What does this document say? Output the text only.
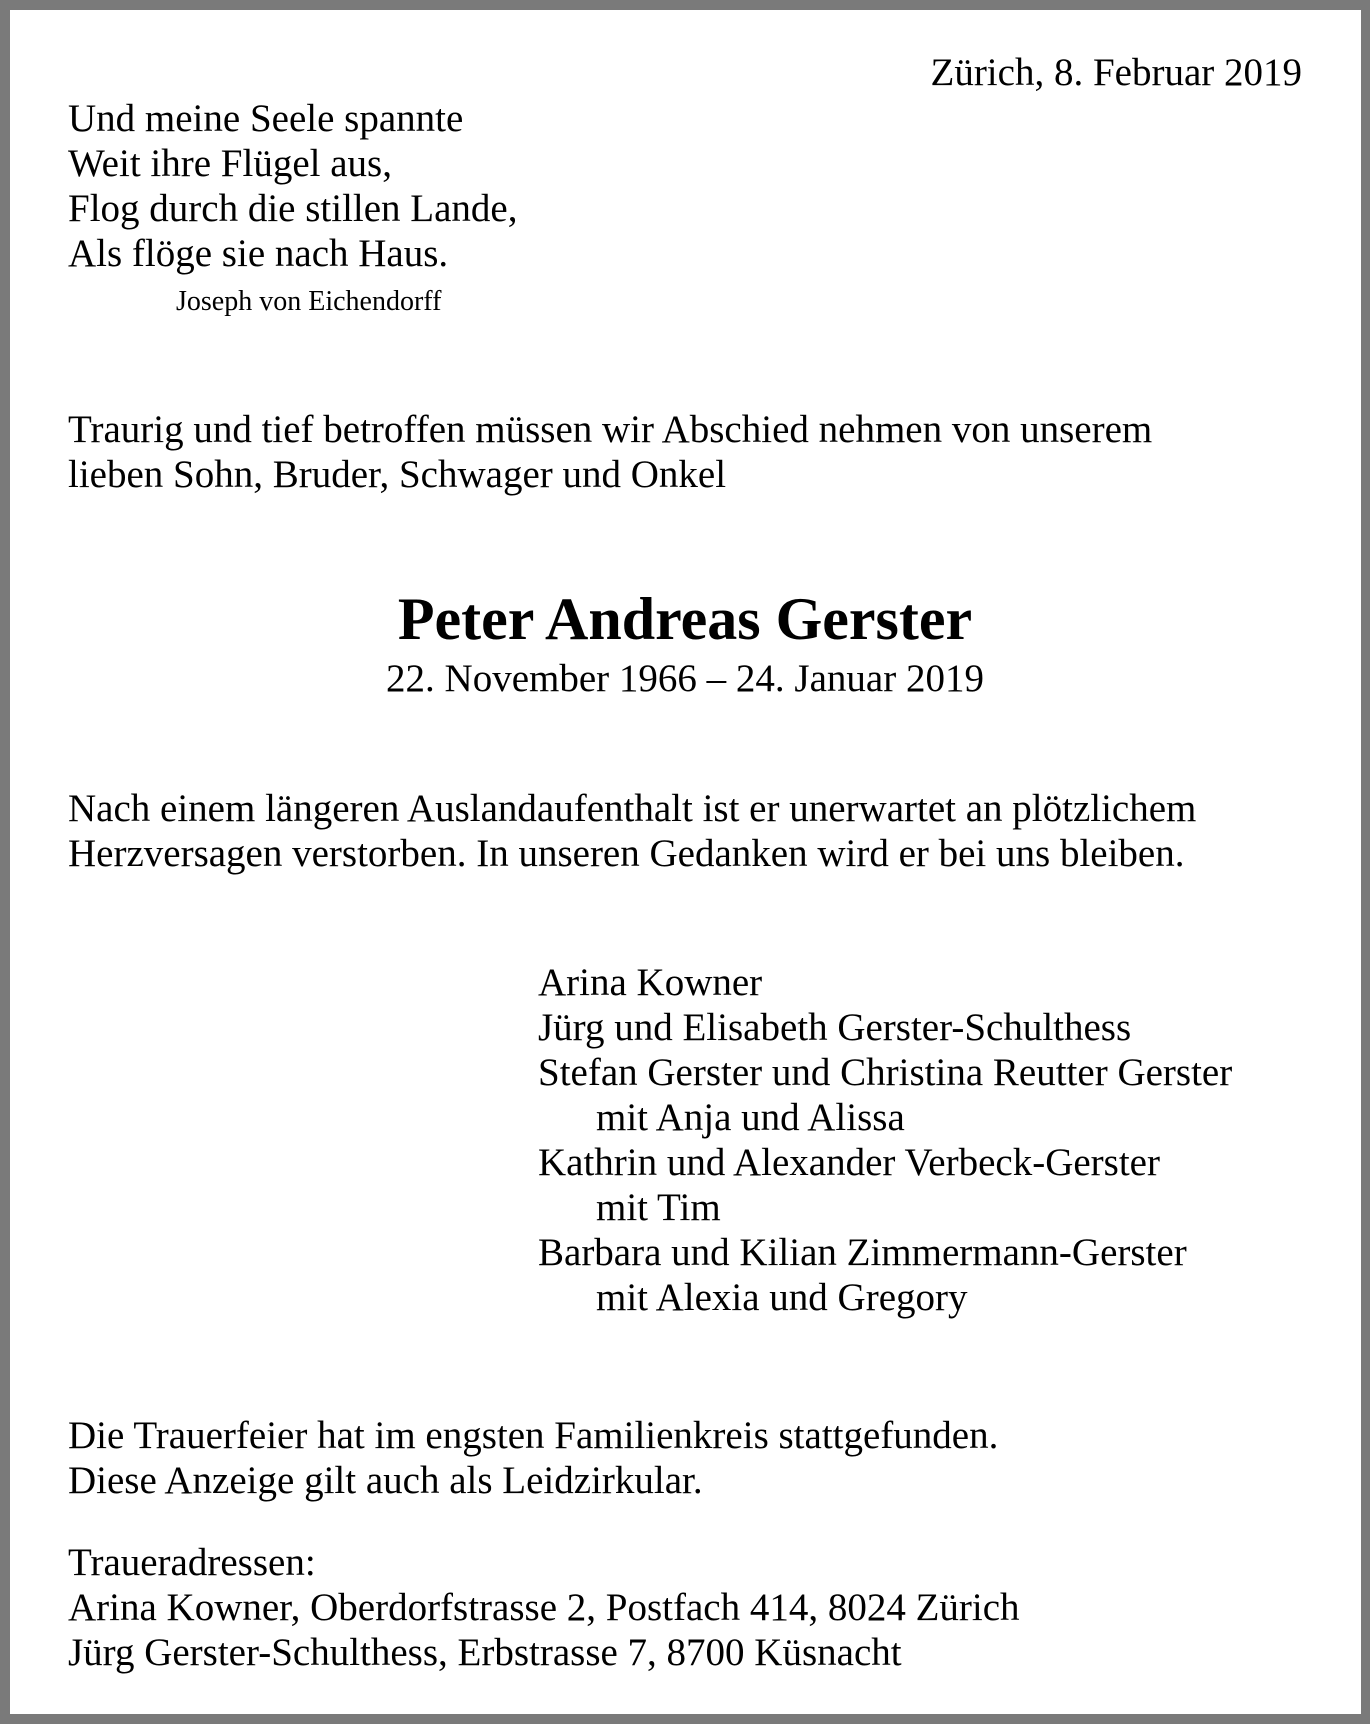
Zürich, 8. Februar 2019
Und meine Seele spannte
Weit ihre Flügel aus,
Flog durch die stillen Lande,
Als flöge sie nach Haus.
Joseph von Eichendorff
Traurig und tief betroffen müssen wir Abschied nehmen von unserem
lieben Sohn, Bruder, Schwager und Onkel
Peter Andreas Gerster
22. November 1966 – 24. Januar 2019
Nach einem längeren Auslandaufenthalt ist er unerwartet an plötzlichem
Herzversagen verstorben. In unseren Gedanken wird er bei uns bleiben.
Arina Kowner
Jürg und Elisabeth Gerster-Schulthess
Stefan Gerster und Christina Reutter Gerster
mit Anja und Alissa
Kathrin und Alexander Verbeck-Gerster
mit Tim
Barbara und Kilian Zimmermann-Gerster
mit Alexia und Gregory
Die Trauerfeier hat im engsten Familienkreis stattgefunden.
Diese Anzeige gilt auch als Leidzirkular.
Traueradressen:
Arina Kowner, Oberdorfstrasse 2, Postfach 414, 8024 Zürich
Jürg Gerster-Schulthess, Erbstrasse 7, 8700 Küsnacht
